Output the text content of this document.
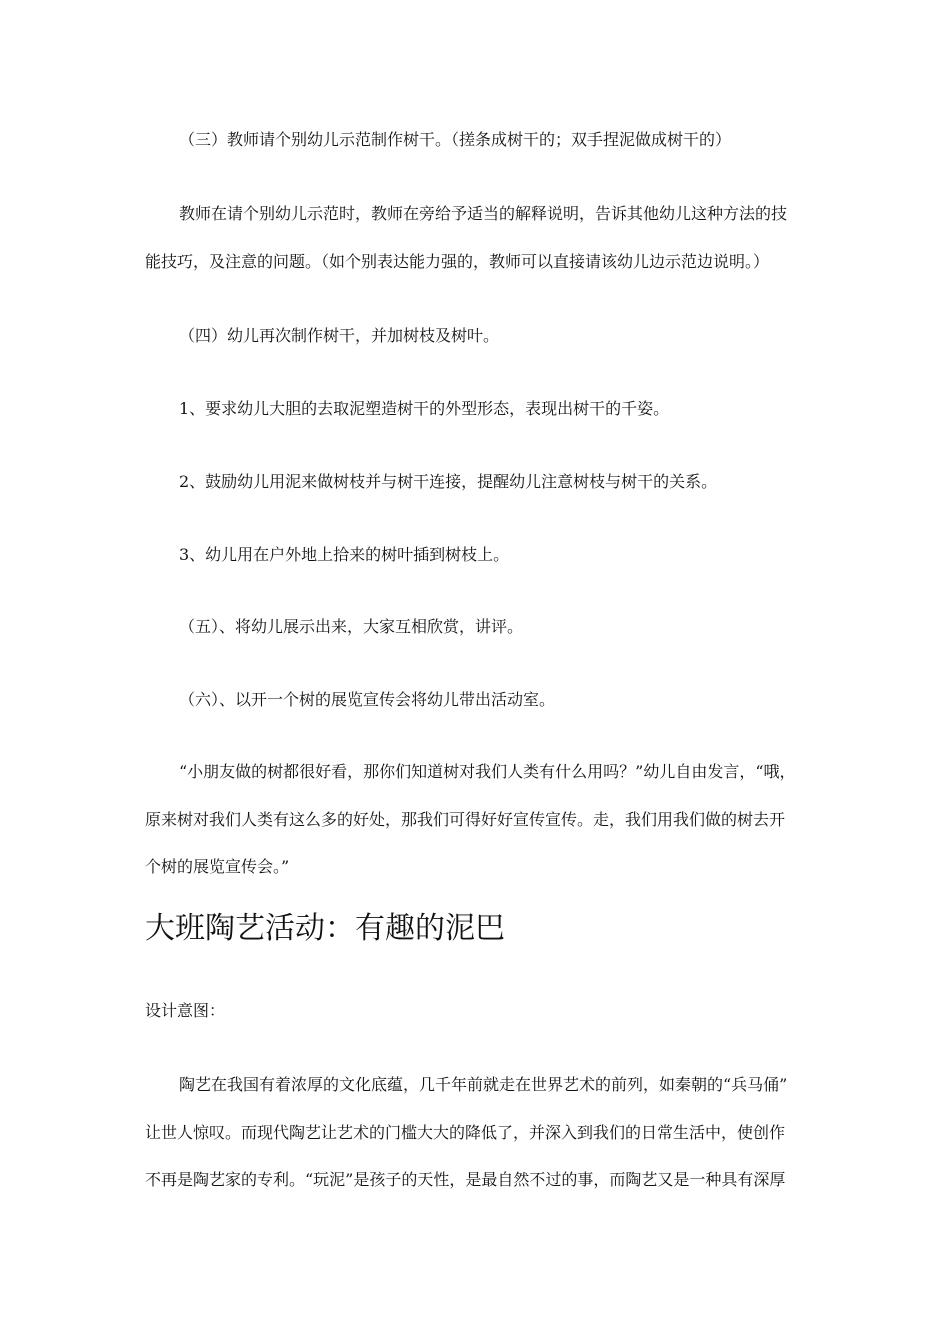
（三）教师请个别幼儿示范制作树干。（搓条成树干的；双手捏泥做成树干的）

教师在请个别幼儿示范时，教师在旁给予适当的解释说明，告诉其他幼儿这种方法的技

能技巧，及注意的问题。（如个别表达能力强的，教师可以直接请该幼儿边示范边说明。）

（四）幼儿再次制作树干，并加树枝及树叶。

1、要求幼儿大胆的去取泥塑造树干的外型形态，表现出树干的千姿。

2、鼓励幼儿用泥来做树枝并与树干连接，提醒幼儿注意树枝与树干的关系。

3、幼儿用在户外地上拾来的树叶插到树枝上。

（五）、将幼儿展示出来，大家互相欣赏，讲评。

（六）、以开一个树的展览宣传会将幼儿带出活动室。

“小朋友做的树都很好看，那你们知道树对我们人类有什么用吗？”幼儿自由发言，“哦，

原来树对我们人类有这么多的好处，那我们可得好好宣传宣传。走，我们用我们做的树去开

个树的展览宣传会。”

大班陶艺活动：有趣的泥巴

设计意图：

陶艺在我国有着浓厚的文化底蕴，几千年前就走在世界艺术的前列，如秦朝的“兵马俑”

让世人惊叹。而现代陶艺让艺术的门槛大大的降低了，并深入到我们的日常生活中，使创作

不再是陶艺家的专利。“玩泥”是孩子的天性，是最自然不过的事，而陶艺又是一种具有深厚
